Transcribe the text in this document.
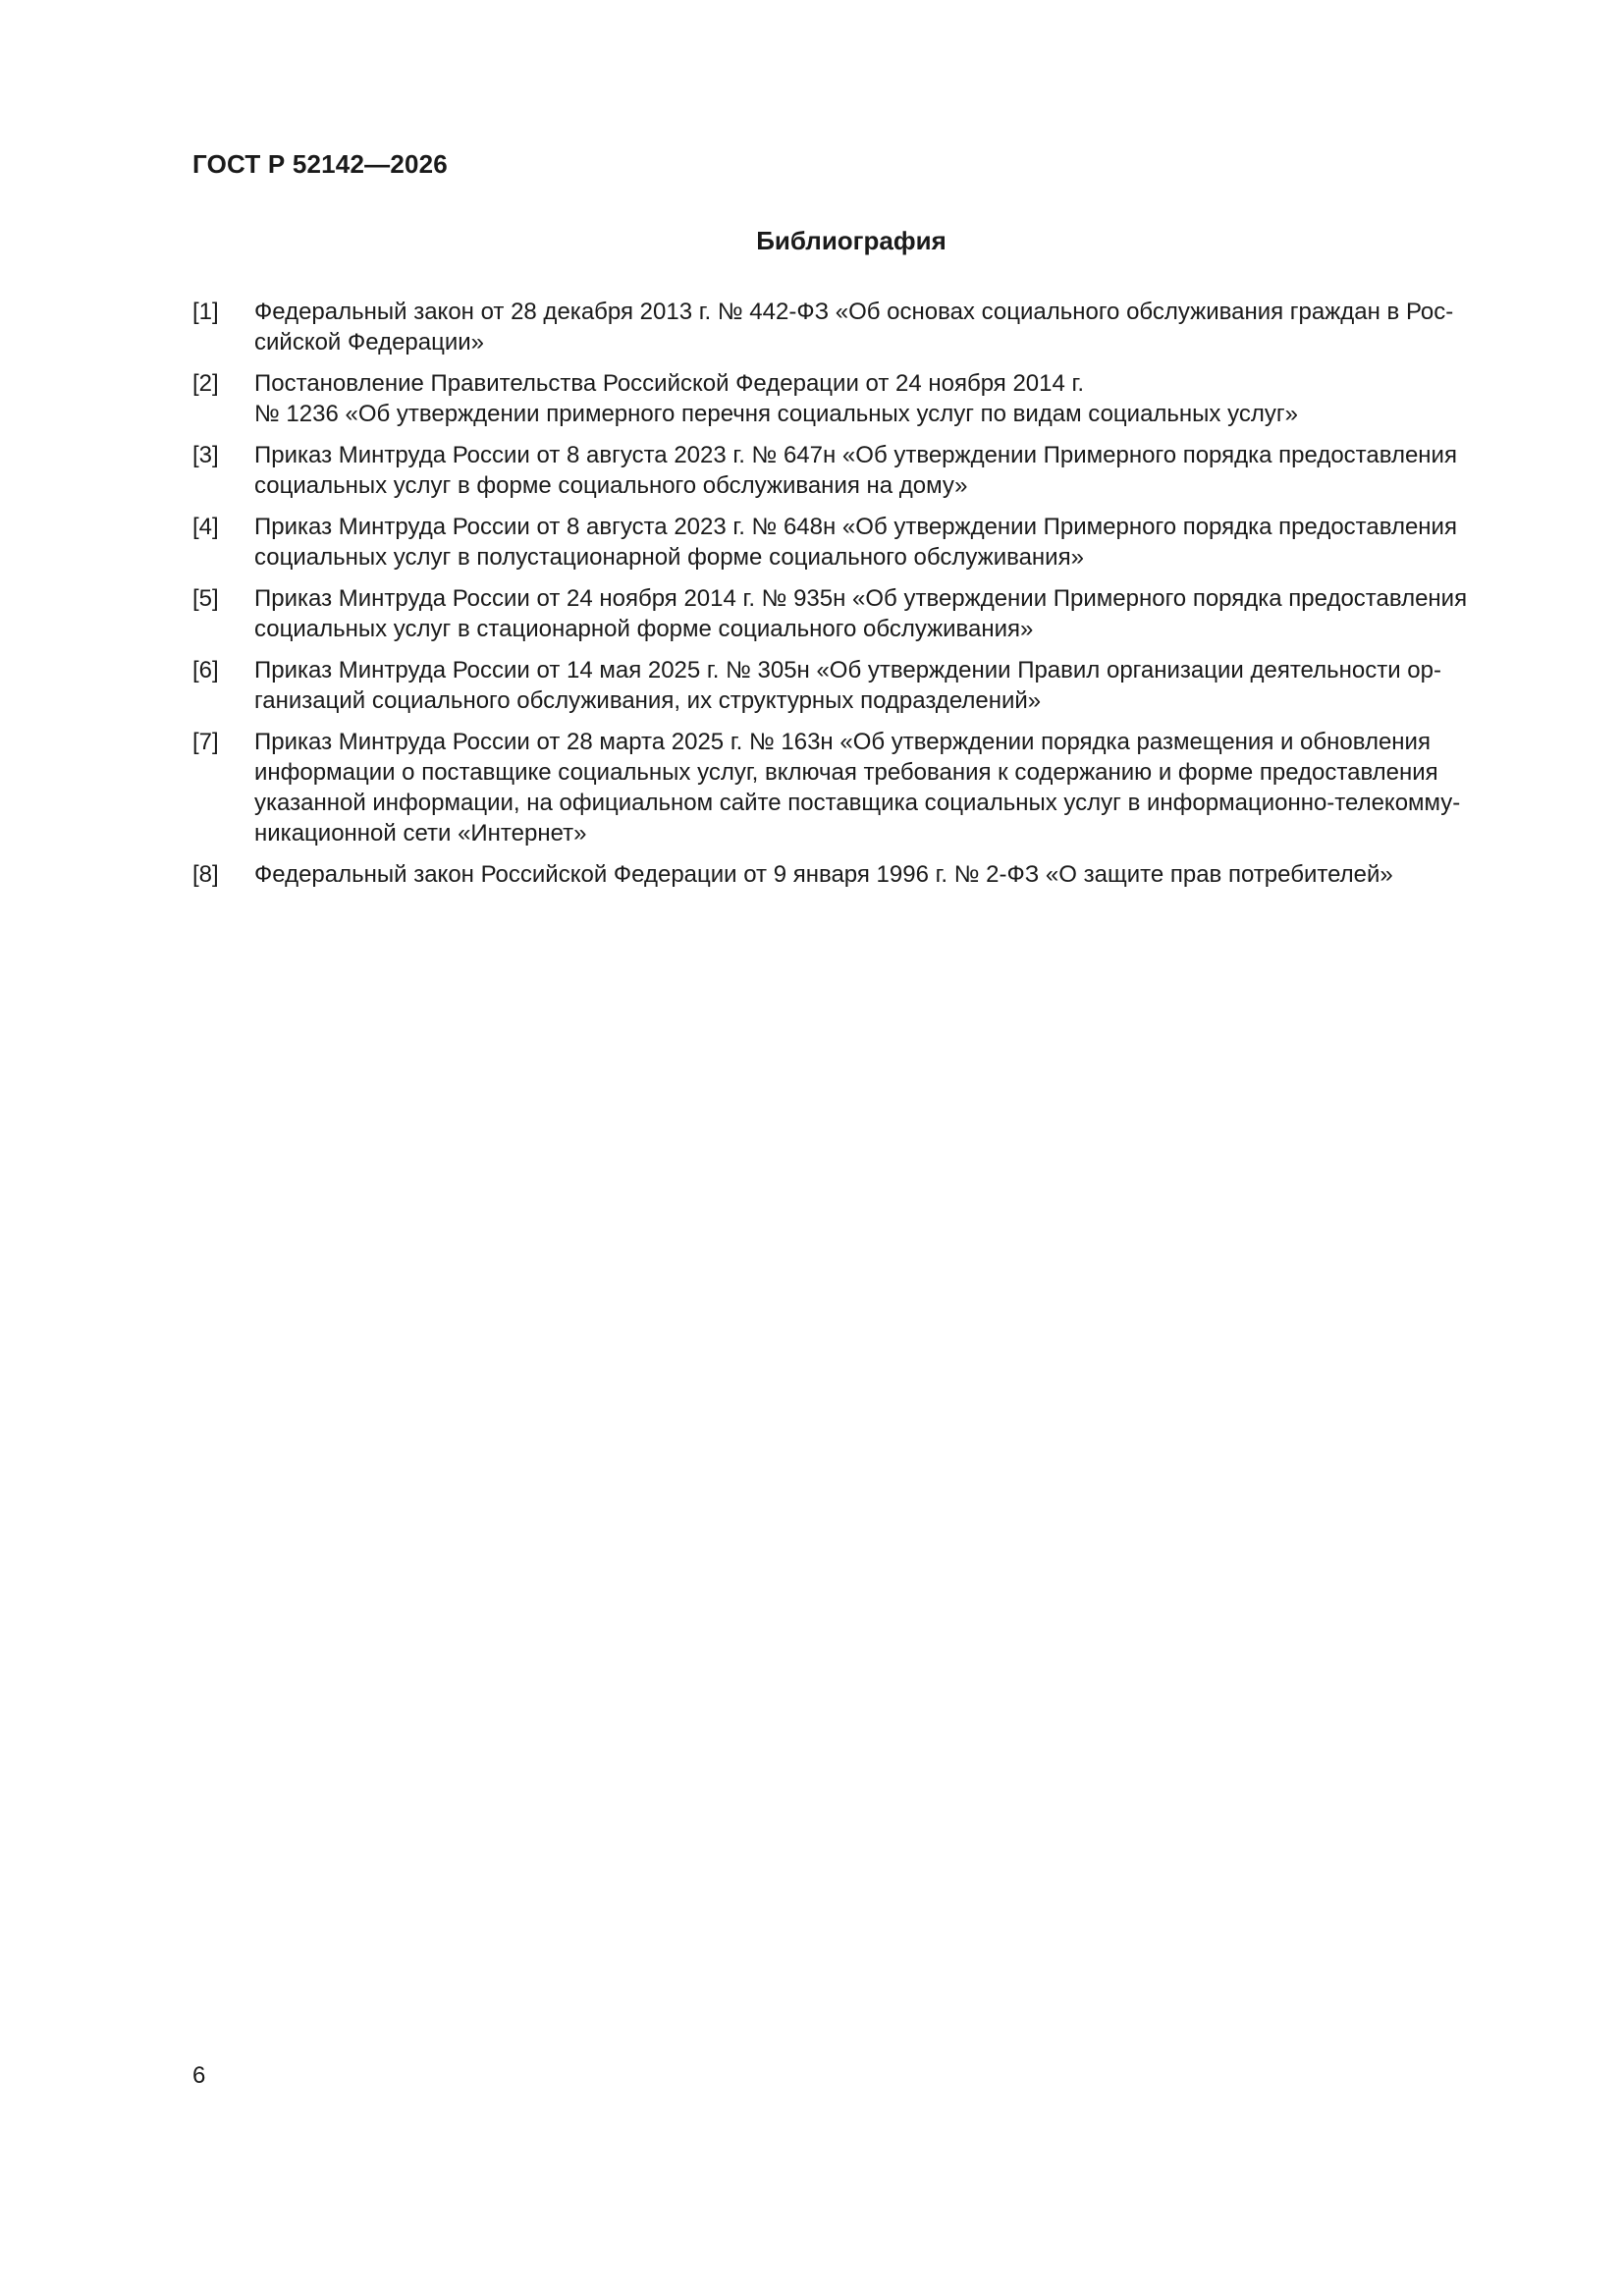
ГОСТ Р 52142—2026
Библиография
[1]	Федеральный закон от 28 декабря 2013 г. № 442-ФЗ «Об основах социального обслуживания граждан в Рос-
сийской Федерации»
[2]	Постановление Правительства Российской Федерации от 24 ноября 2014 г.
№ 1236 «Об утверждении примерного перечня социальных услуг по видам социальных услуг»
[3]	Приказ Минтруда России от 8 августа 2023 г. № 647н «Об утверждении Примерного порядка предоставления
социальных услуг в форме социального обслуживания на дому»
[4]	Приказ Минтруда России от 8 августа 2023 г. № 648н «Об утверждении Примерного порядка предоставления
социальных услуг в полустационарной форме социального обслуживания»
[5]	Приказ Минтруда России от 24 ноября 2014 г. № 935н «Об утверждении Примерного порядка предоставления
социальных услуг в стационарной форме социального обслуживания»
[6]	Приказ Минтруда России от 14 мая 2025 г. № 305н «Об утверждении Правил организации деятельности ор-
ганизаций социального обслуживания, их структурных подразделений»
[7]	Приказ Минтруда России от 28 марта 2025 г. № 163н «Об утверждении порядка размещения и обновления
информации о поставщике социальных услуг, включая требования к содержанию и форме предоставления
указанной информации, на официальном сайте поставщика социальных услуг в информационно-телекомму-
никационной сети «Интернет»
[8]	Федеральный закон Российской Федерации от 9 января 1996 г. № 2-ФЗ «О защите прав потребителей»
6
